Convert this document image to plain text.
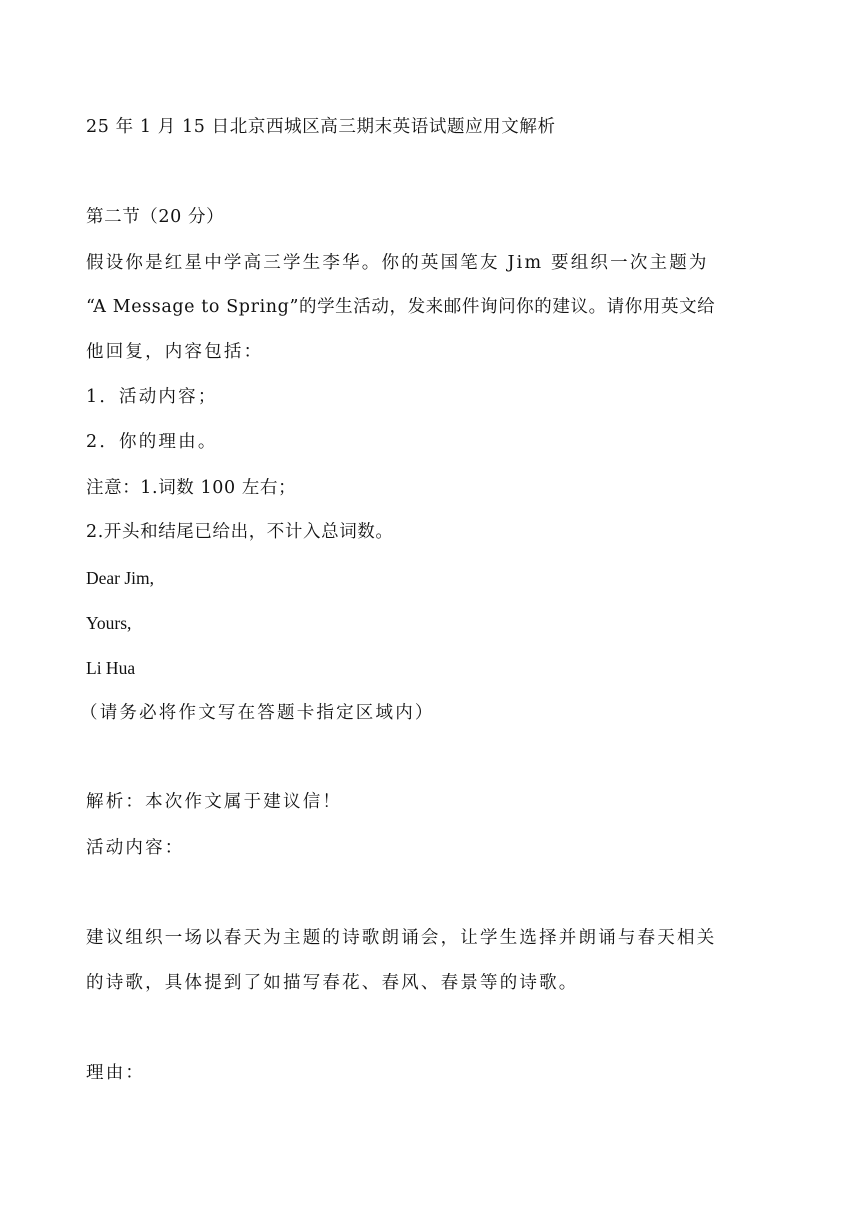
25 年 1 月 15 日北京西城区高三期末英语试题应用文解析
第二节（20 分）
假设你是红星中学高三学生李华。你的英国笔友 Jim 要组织一次主题为
“A Message to Spring”的学生活动，发来邮件询问你的建议。请你用英文给
他回复，内容包括：
1．活动内容；
2．你的理由。
注意：1.词数 100 左右；
2.开头和结尾已给出，不计入总词数。
Dear Jim,
Yours,
Li Hua
（请务必将作文写在答题卡指定区域内）
解析：本次作文属于建议信！
活动内容：
建议组织一场以春天为主题的诗歌朗诵会，让学生选择并朗诵与春天相关
的诗歌，具体提到了如描写春花、春风、春景等的诗歌。
理由：
